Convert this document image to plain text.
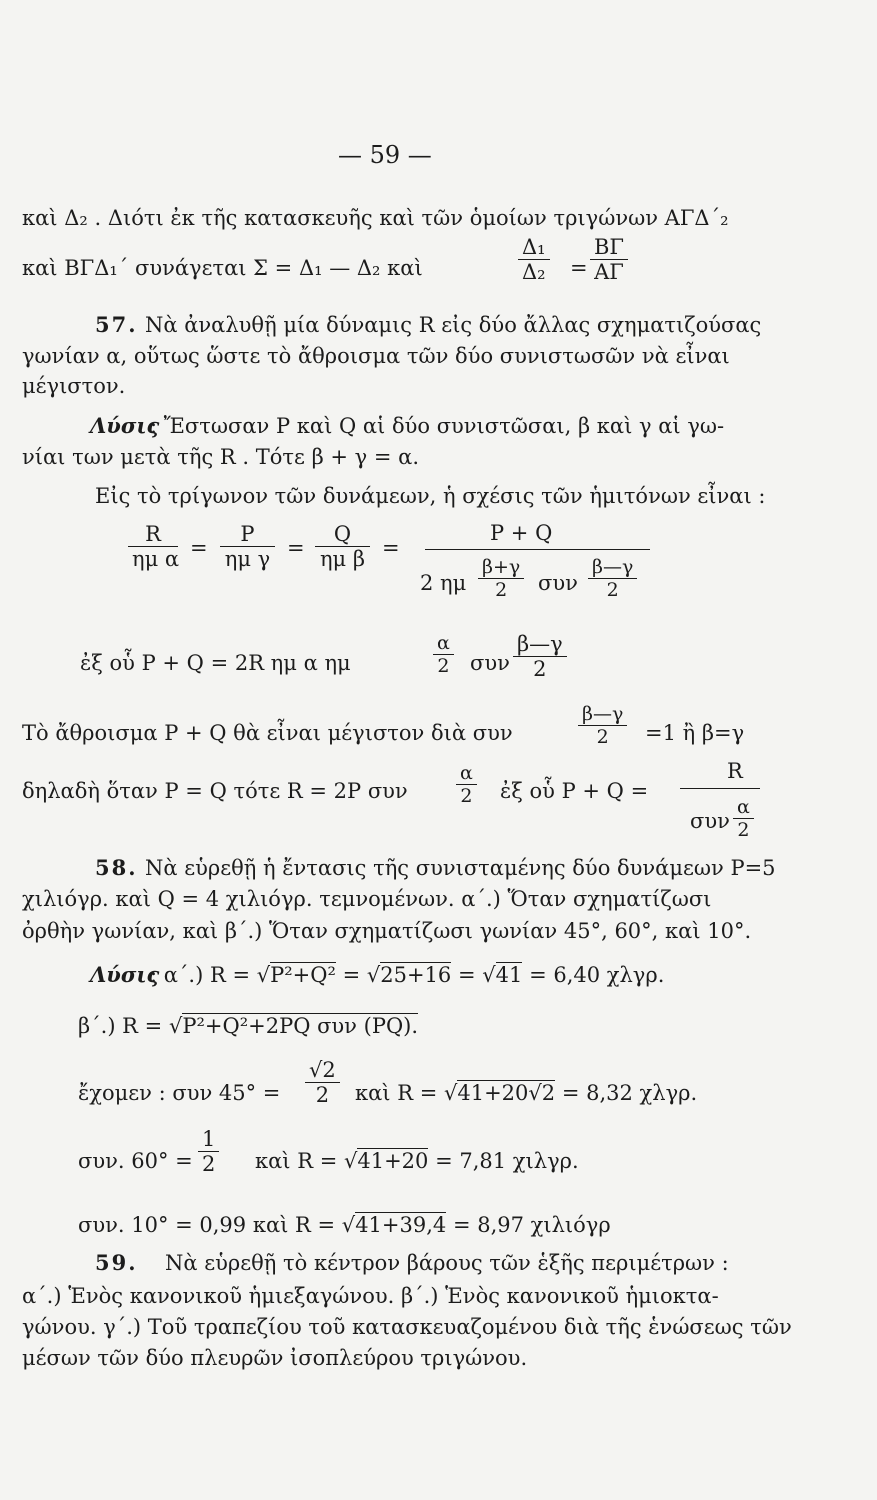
— 59 —
καὶ Δ₂ . Διότι ἐκ τῆς κατασκευῆς καὶ τῶν ὁμοίων τριγώνων ΑΓΔ΄₂
καὶ ΒΓΔ₁΄ συνάγεται Σ = Δ₁ — Δ₂ καὶ	$\frac{\text{Δ₁}}{\text{Δ₂}} = \frac{B\Gamma}{A\Gamma}$
57. Νὰ ἀναλυθῇ μία δύναμις R εἰς δύο ἄλλας σχηματιζούσας
γωνίαν α, οὕτως ὥστε τὸ ἄθροισμα τῶν δύο συνιστωσῶν νὰ εἶναι
μέγιστον.
Λύσις
: Ἔστωσαν Ρ καὶ Q αἱ δύο συνιστῶσαι, β καὶ γ αἱ γω-
νίαι των μετὰ τῆς R . Τότε β + γ = α.
Εἰς τὸ τρίγωνον τῶν δυνάμεων, ἡ σχέσις τῶν ἡμιτόνων εἶναι :
$\frac{R}{\text{ημ α}} = \frac{P}{\text{ημ γ}} = \frac{Q}{\text{ημ β}}$ =
Ρ + Q
2 ημ $\frac{\beta+\gamma}{2}$ συν $\frac{\beta—\gamma}{2}$
ἐξ οὗ Ρ + Q = 2R ημ α ημ	$\frac{\alpha}{2}$ συν $\frac{\beta—\gamma}{2}$
Τὸ ἄθροισμα Ρ + Q θὰ εἶναι μέγιστον διὰ συν	$\frac{\beta—\gamma}{2} =1$ ἢ β=γ
δηλαδὴ ὅταν Ρ = Q τότε R = 2Ρ συν	$\frac{\alpha}{2}$ ἐξ οὗ Ρ + Q =
R
συν $\frac{\alpha}{2}$
58. Νὰ εὑρεθῇ ἡ ἔντασις τῆς συνισταμένης δύο δυνάμεων Ρ=5
χιλιόγρ. καὶ Q = 4 χιλιόγρ. τεμνομένων. α΄.) Ὅταν σχηματίζωσι
ὀρθὴν γωνίαν, καὶ β΄.) Ὅταν σχηματίζωσι γωνίαν 45°, 60°, καὶ 10°.
Λύσις
: α΄.) R = √Ρ²+Q² = √25+16 = √41 = 6,40 χλγρ.
β΄.) R = √Ρ²+Q²+2ΡQ συν (ΡQ).
ἔχομεν : συν $45^\circ = \frac{√2}{2}$ καὶ R = √41+20√2 = 8,32 χλγρ.
συν. $60^\circ = \frac{1}{2}$ καὶ R = √41+20 = 7,81 χιλγρ.
συν. 10° = 0,99 καὶ R = √41+39,4 = 8,97 χιλιόγρ
59. Νὰ εὑρεθῇ τὸ κέντρον βάρους τῶν ἑξῆς περιμέτρων :
α΄.) Ἑνὸς κανονικοῦ ἡμιεξαγώνου. β΄.) Ἑνὸς κανονικοῦ ἡμιοκτα-
γώνου. γ΄.) Τοῦ τραπεζίου τοῦ κατασκευαζομένου διὰ τῆς ἑνώσεως τῶν
μέσων τῶν δύο πλευρῶν ἰσοπλεύρου τριγώνου.
